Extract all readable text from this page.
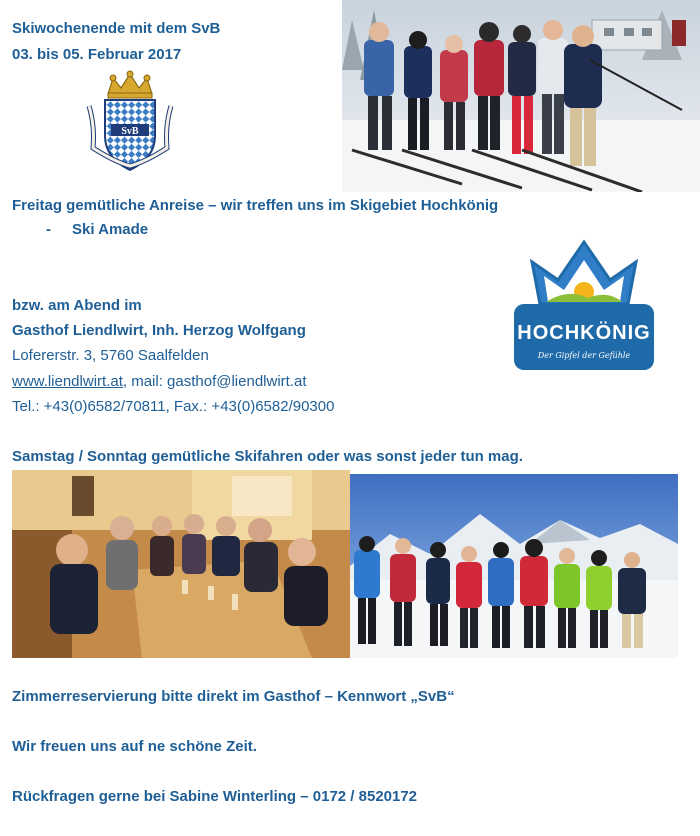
Skiwochenende mit dem SvB
03. bis 05. Februar 2017
SvB
Freitag gemütliche Anreise – wir treffen uns im Skigebiet Hochkönig
- Ski Amade
HOCHKÖNIG
Der Gipfel der Gefühle
bzw. am Abend im
Gasthof Liendlwirt, Inh. Herzog Wolfgang
Lofererstr. 3, 5760 Saalfelden
www.liendlwirt.at, mail: gasthof@liendlwirt.at
Tel.: +43(0)6582/70811, Fax.: +43(0)6582/90300
Samstag / Sonntag gemütliche Skifahren oder was sonst jeder tun mag.
Zimmerreservierung bitte direkt im Gasthof – Kennwort „SvB“
Wir freuen uns auf ne schöne Zeit.
Rückfragen gerne bei Sabine Winterling – 0172 / 8520172
